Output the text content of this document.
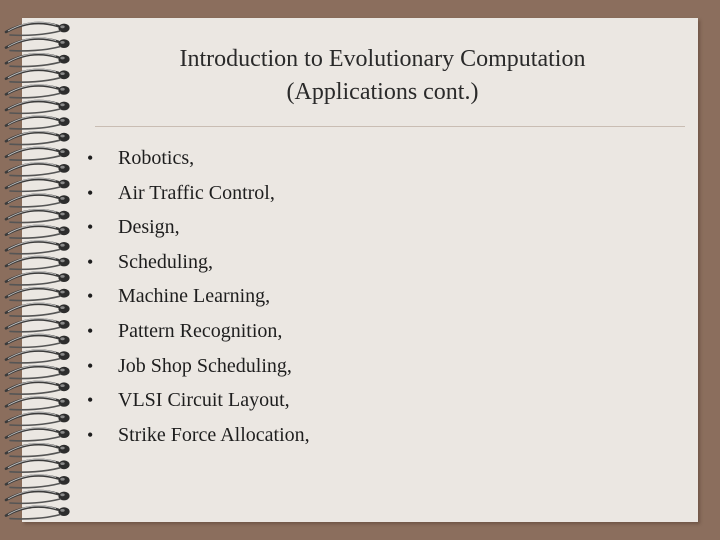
Introduction to Evolutionary Computation
(Applications cont.)
• Robotics,
• Air Traffic Control,
• Design,
• Scheduling,
• Machine Learning,
• Pattern Recognition,
• Job Shop Scheduling,
• VLSI Circuit Layout,
• Strike Force Allocation,
